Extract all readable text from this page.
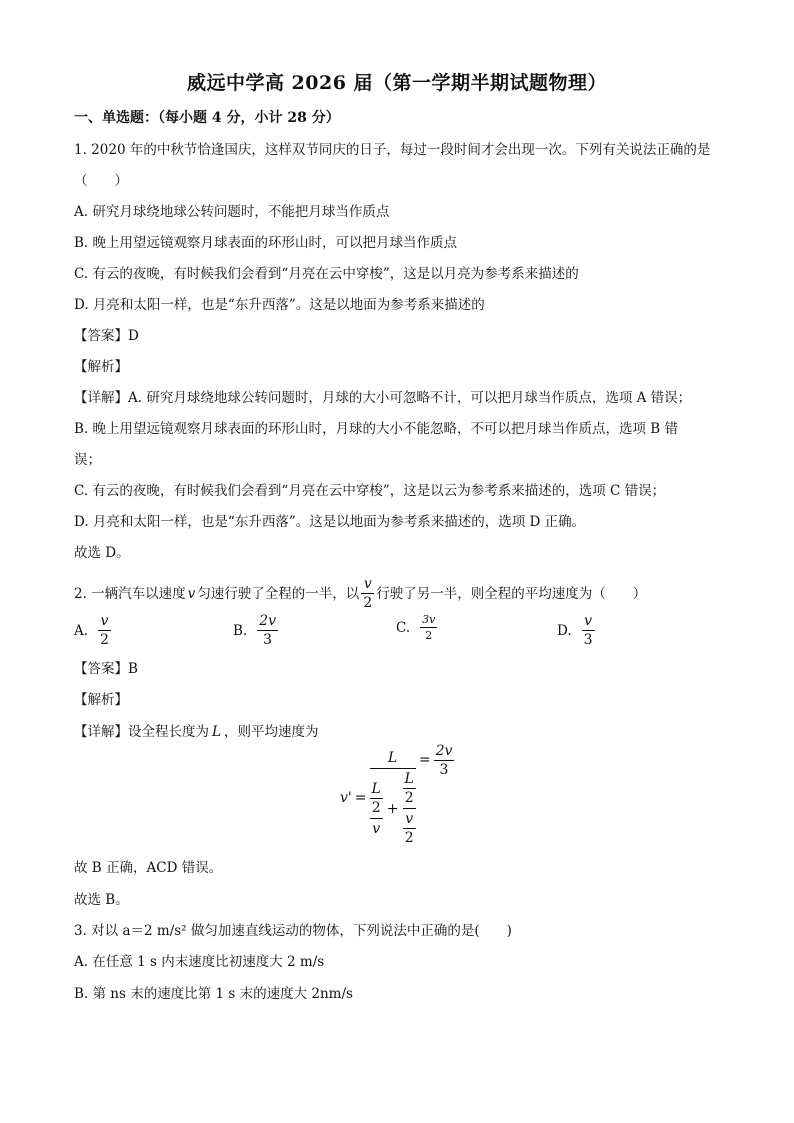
威远中学高 2026 届（第一学期半期试题物理）
一、单选题：（每小题 4 分，小计 28 分）
1. 2020 年的中秋节恰逢国庆，这样双节同庆的日子，每过一段时间才会出现一次。下列有关说法正确的是
（　　）
A. 研究月球绕地球公转问题时，不能把月球当作质点
B. 晚上用望远镜观察月球表面的环形山时，可以把月球当作质点
C. 有云的夜晚，有时候我们会看到“月亮在云中穿梭”，这是以月亮为参考系来描述的
D. 月亮和太阳一样，也是“东升西落”。这是以地面为参考系来描述的
【答案】D
【解析】
【详解】A. 研究月球绕地球公转问题时，月球的大小可忽略不计，可以把月球当作质点，选项 A 错误；
B. 晚上用望远镜观察月球表面的环形山时，月球的大小不能忽略，不可以把月球当作质点，选项 B 错
误；
C. 有云的夜晚，有时候我们会看到“月亮在云中穿梭”，这是以云为参考系来描述的，选项 C 错误；
D. 月亮和太阳一样，也是“东升西落”。这是以地面为参考系来描述的，选项 D 正确。
故选 D。
2. 一辆汽车以速度 v 匀速行驶了全程的一半，以 $\frac{v}{2}$ 行驶了另一半，则全程的平均速度为（　　）
A. $\frac{v}{2}$	B. $\frac{2v}{3}$	C. $\frac{3v}{2}$	D. $\frac{v}{3}$
【答案】B
【解析】
【详解】设全程长度为 L ，则平均速度为
v' =
L
$\frac{L}{2}$
v
+
$\frac{L}{2}$
$\frac{v}{2}$
= $\frac{2v}{3}$
故 B 正确，ACD 错误。
故选 B。
3. 对以 a＝2 m/s² 做匀加速直线运动的物体，下列说法中正确的是(　　)
A. 在任意 1 s 内末速度比初速度大 2 m/s
B. 第 ns 末的速度比第 1 s 末的速度大 2nm/s
